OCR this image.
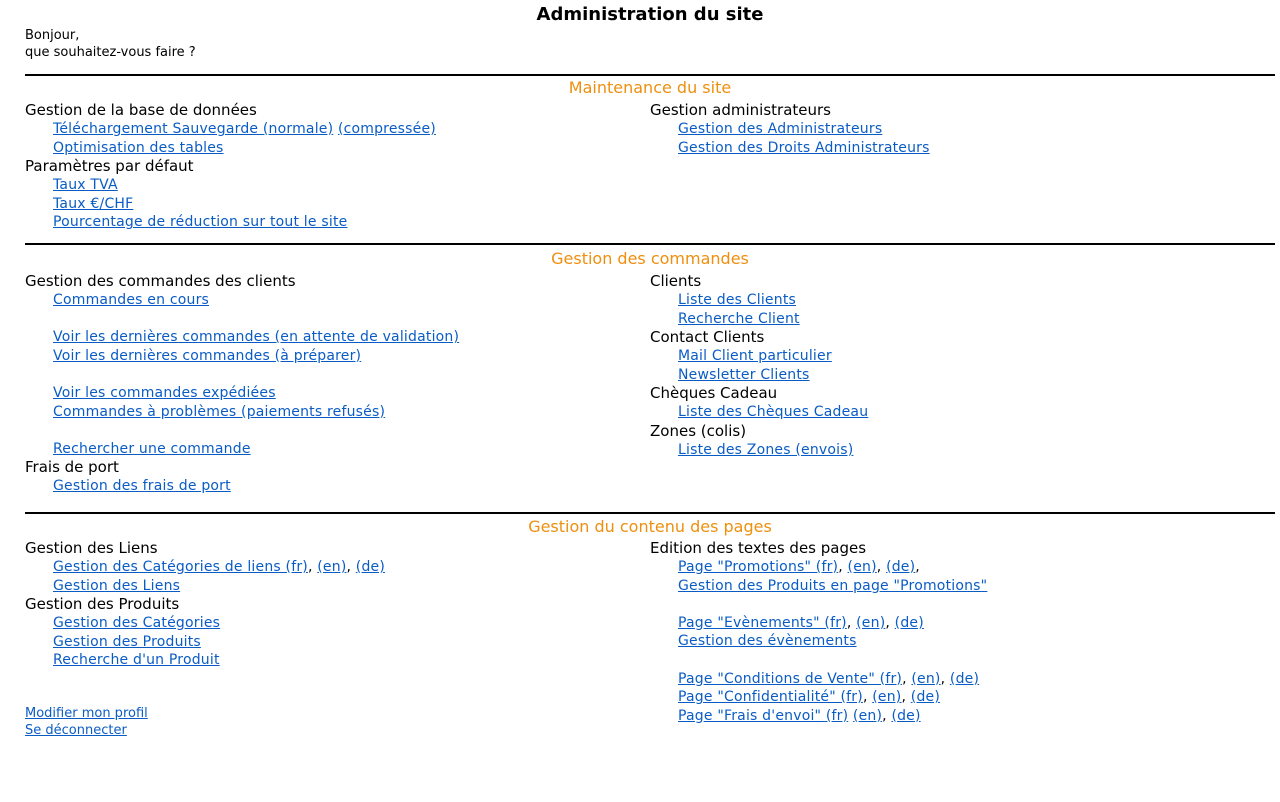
Administration du site
Bonjour,
que souhaitez-vous faire ?
Maintenance du site
Gestion de la base de données
Téléchargement Sauvegarde (normale) (compressée)
Optimisation des tables
Paramètres par défaut
Taux TVA
Taux €/CHF
Pourcentage de réduction sur tout le site
Gestion administrateurs
Gestion des Administrateurs
Gestion des Droits Administrateurs
Gestion des commandes
Gestion des commandes des clients
Commandes en cours
Voir les dernières commandes (en attente de validation)
Voir les dernières commandes (à préparer)
Voir les commandes expédiées
Commandes à problèmes (paiements refusés)
Rechercher une commande
Frais de port
Gestion des frais de port
Clients
Liste des Clients
Recherche Client
Contact Clients
Mail Client particulier
Newsletter Clients
Chèques Cadeau
Liste des Chèques Cadeau
Zones (colis)
Liste des Zones (envois)
Gestion du contenu des pages
Gestion des Liens
Gestion des Catégories de liens (fr), (en), (de)
Gestion des Liens
Gestion des Produits
Gestion des Catégories
Gestion des Produits
Recherche d'un Produit
Edition des textes des pages
Page "Promotions" (fr), (en), (de),
Gestion des Produits en page "Promotions"
Page "Evènements" (fr), (en), (de)
Gestion des évènements
Page "Conditions de Vente" (fr), (en), (de)
Page "Confidentialité" (fr), (en), (de)
Page "Frais d'envoi" (fr) (en), (de)
Modifier mon profil
Se déconnecter
